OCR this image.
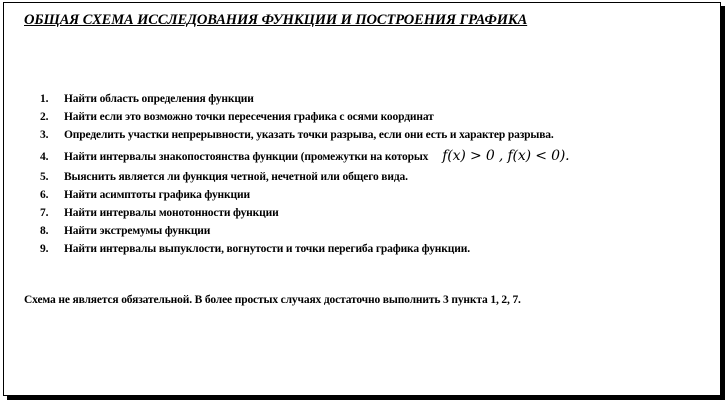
ОБЩАЯ СХЕМА ИССЛЕДОВАНИЯ ФУНКЦИИ И ПОСТРОЕНИЯ ГРАФИКА
1. Найти область определения функции
2. Найти если это возможно точки пересечения графика с осями координат
3. Определить участки непрерывности, указать точки разрыва, если они есть и характер разрыва.
4. Найти интервалы знакопостоянства функции (промежутки на которых f(x) > 0 , f(x) < 0).
5. Выяснить является ли функция четной, нечетной или общего вида.
6. Найти асимптоты графика функции
7. Найти интервалы монотонности функции
8. Найти экстремумы функции
9. Найти интервалы выпуклости, вогнутости и точки перегиба графика функции.
Схема не является обязательной. В более простых случаях достаточно выполнить 3 пункта 1, 2, 7.
